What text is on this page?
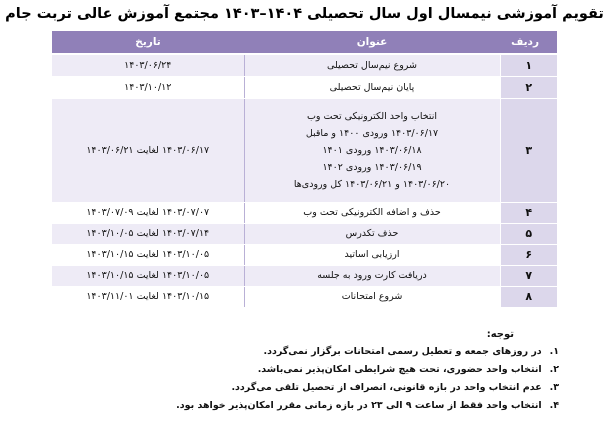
تقویم آموزشی نیمسال اول سال تحصیلی ۱۴۰۴–۱۴۰۳ مجتمع آموزش عالی تربت جام
ردیف	عنوان	تاریخ
۱	شروع نیم‌سال تحصیلی	۱۴۰۳/۰۶/۲۴
۲	پایان نیم‌سال تحصیلی	۱۴۰۳/۱۰/۱۲
۳	انتخاب واحد الکترونیکی تحت وب
۱۴۰۳/۰۶/۱۷ ورودی ۱۴۰۰ و ماقبل
۱۴۰۳/۰۶/۱۸ ورودی ۱۴۰۱
۱۴۰۳/۰۶/۱۹ ورودی ۱۴۰۲
۱۴۰۳/۰۶/۲۰ و ۱۴۰۳/۰۶/۲۱ کل ورودی‌ها	۱۴۰۳/۰۶/۱۷ لغایت ۱۴۰۳/۰۶/۲۱
۴	حذف و اضافه الکترونیکی تحت وب	۱۴۰۳/۰۷/۰۷ لغایت ۱۴۰۳/۰۷/۰۹
۵	حذف تکدرس	۱۴۰۳/۰۷/۱۴ لغایت ۱۴۰۳/۱۰/۰۵
۶	ارزیابی اساتید	۱۴۰۳/۱۰/۰۵ لغایت ۱۴۰۳/۱۰/۱۵
۷	دریافت کارت ورود به جلسه	۱۴۰۳/۱۰/۰۵ لغایت ۱۴۰۳/۱۰/۱۵
۸	شروع امتحانات	۱۴۰۳/۱۰/۱۵ لغایت ۱۴۰۳/۱۱/۰۱
توجه:
۱. در روزهای جمعه و تعطیل رسمی امتحانات برگزار نمی‌گردد.
۲. انتخاب واحد حضوری، تحت هیچ شرایطی امکان‌پذیر نمی‌باشد.
۳. عدم انتخاب واحد در بازه قانونی، انصراف از تحصیل تلقی می‌گردد.
۴. انتخاب واحد فقط از ساعت ۹ الی ۲۳ در بازه زمانی مقرر امکان‌پذیر خواهد بود.
